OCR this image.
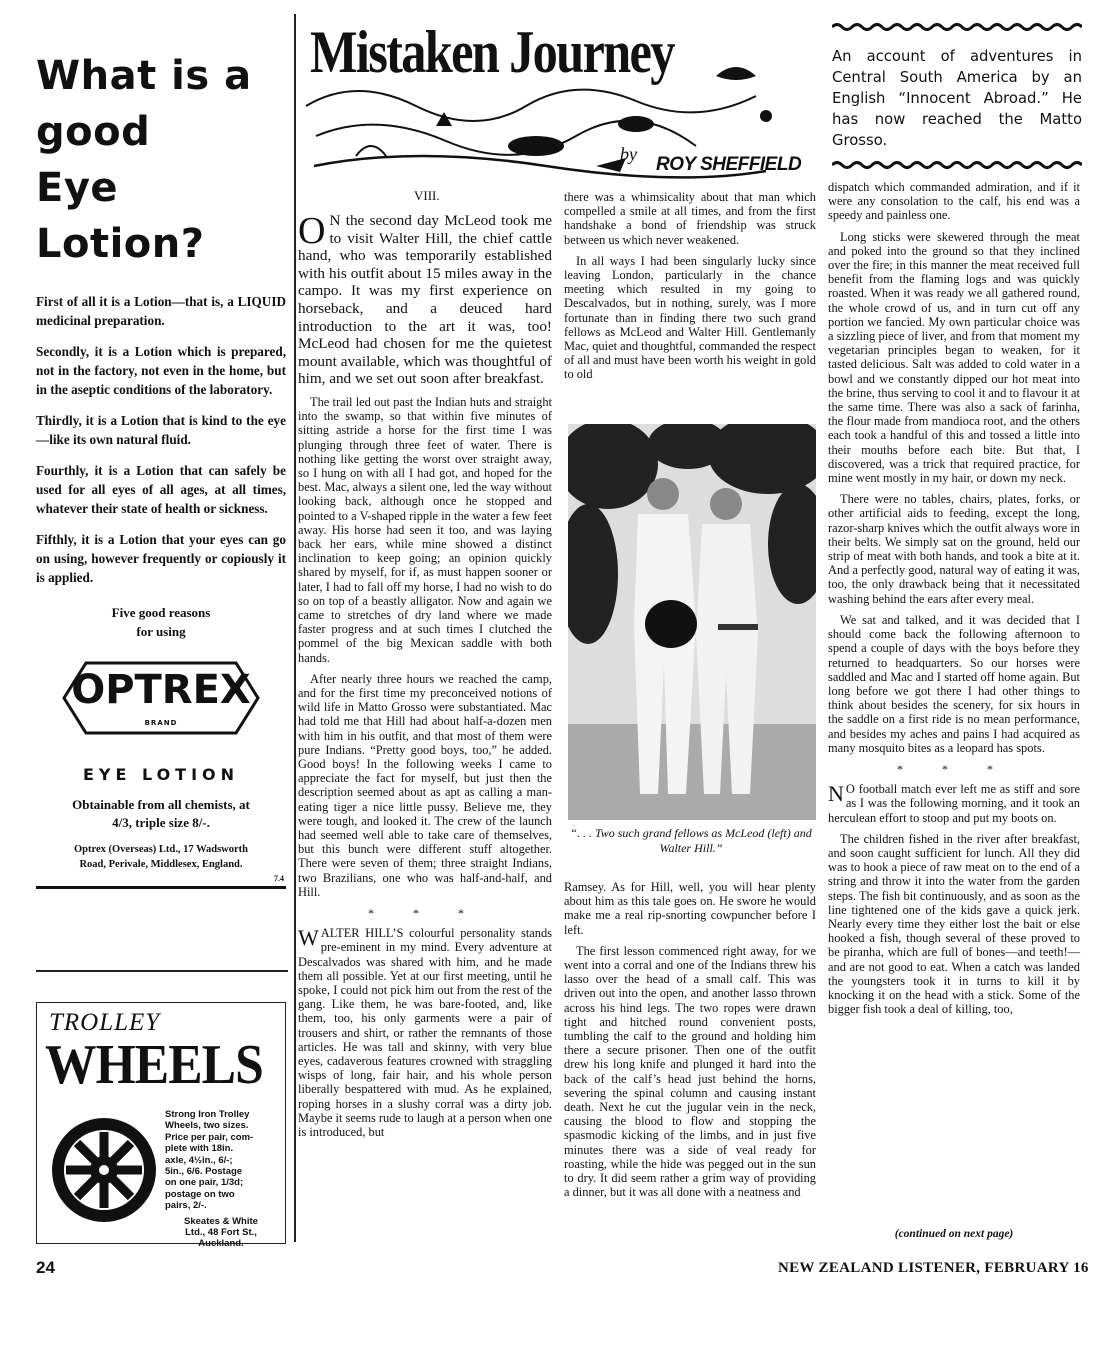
What is a
good
Eye Lotion?

First of all it is a Lotion—that is, a LIQUID medicinal preparation.

Secondly, it is a Lotion which is prepared, not in the factory, not even in the home, but in the aseptic conditions of the laboratory.

Thirdly, it is a Lotion that is kind to the eye—like its own natural fluid.

Fourthly, it is a Lotion that can safely be used for all eyes of all ages, at all times, whatever their state of health or sickness.

Fifthly, it is a Lotion that your eyes can go on using, however frequently or copiously it is applied.

Five good reasons
for using
OPTREX
BRAND
EYE LOTION
Obtainable from all chemists, at
4/3, triple size 8/-.
Optrex (Overseas) Ltd., 17 Wadsworth
Road, Perivale, Middlesex, England.
7.4
TROLLEY
WHEELS
Strong Iron Trolley
Wheels, two sizes.
Price per pair, com-
plete with 18in.
axle, 4½in., 6/-;
5in., 6/6. Postage
on one pair, 1/3d;
postage on two
pairs, 2/-.
Skeates & White
Ltd., 48 Fort St.,
Auckland.
Mistaken Journey
by ROY SHEFFIELD
An account of adventures in Central South America by an English “Innocent Abroad.” He has now reached the Matto Grosso.
VIII.

O N the second day McLeod took me to visit Walter Hill, the chief cattle hand, who was temporarily established with his outfit about 15 miles away in the campo. It was my first experience on horseback, and a deuced hard introduction to the art it was, too! McLeod had chosen for me the quietest mount available, which was thoughtful of him, and we set out soon after breakfast.

The trail led out past the Indian huts and straight into the swamp, so that within five minutes of sitting astride a horse for the first time I was plunging through three feet of water. There is nothing like getting the worst over straight away, so I hung on with all I had got, and hoped for the best. Mac, always a silent one, led the way without looking back, although once he stopped and pointed to a V-shaped ripple in the water a few feet away. His horse had seen it too, and was laying back her ears, while mine showed a distinct inclination to keep going; an opinion quickly shared by myself, for if, as must happen sooner or later, I had to fall off my horse, I had no wish to do so on top of a beastly alligator. Now and again we came to stretches of dry land where we made faster progress and at such times I clutched the pommel of the big Mexican saddle with both hands.

After nearly three hours we reached the camp, and for the first time my preconceived notions of wild life in Matto Grosso were substantiated. Mac had told me that Hill had about half-a-dozen men with him in his outfit, and that most of them were pure Indians. “Pretty good boys, too,” he added. Good boys! In the following weeks I came to appreciate the fact for myself, but just then the description seemed about as apt as calling a man-eating tiger a nice little pussy. Believe me, they were tough, and looked it. The crew of the launch had seemed well able to take care of themselves, but this bunch were different stuff altogether. There were seven of them; three straight Indians, two Brazilians, one who was half-and-half, and Hill.

* * *

WALTER HILL’S colourful personality stands pre-eminent in my mind. Every adventure at Descalvados was shared with him, and he made them all possible. Yet at our first meeting, until he spoke, I could not pick him out from the rest of the gang. Like them, he was bare-footed, and, like them, too, his only garments were a pair of trousers and shirt, or rather the remnants of those articles. He was tall and skinny, with very blue eyes, cadaverous features crowned with straggling wisps of long, fair hair, and his whole person liberally bespattered with mud. As he explained, roping horses in a slushy corral was a dirty job. Maybe it seems rude to laugh at a person when one is introduced, but

there was a whimsicality about that man which compelled a smile at all times, and from the first handshake a bond of friendship was struck between us which never weakened.

In all ways I had been singularly lucky since leaving London, particularly in the chance meeting which resulted in my going to Descalvados, but in nothing, surely, was I more fortunate than in finding there two such grand fellows as McLeod and Walter Hill. Gentlemanly Mac, quiet and thoughtful, commanded the respect of all and must have been worth his weight in gold to old

“. . . Two such grand fellows as McLeod (left) and Walter Hill.”

Ramsey. As for Hill, well, you will hear plenty about him as this tale goes on. He swore he would make me a real rip-snorting cowpuncher before I left.

The first lesson commenced right away, for we went into a corral and one of the Indians threw his lasso over the head of a small calf. This was driven out into the open, and another lasso thrown across his hind legs. The two ropes were drawn tight and hitched round convenient posts, tumbling the calf to the ground and holding him there a secure prisoner. Then one of the outfit drew his long knife and plunged it hard into the back of the calf’s head just behind the horns, severing the spinal column and causing instant death. Next he cut the jugular vein in the neck, causing the blood to flow and stopping the spasmodic kicking of the limbs, and in just five minutes there was a side of veal ready for roasting, while the hide was pegged out in the sun to dry. It did seem rather a grim way of providing a dinner, but it was all done with a neatness and

dispatch which commanded admiration, and if it were any consolation to the calf, his end was a speedy and painless one.

Long sticks were skewered through the meat and poked into the ground so that they inclined over the fire; in this manner the meat received full benefit from the flaming logs and was quickly roasted. When it was ready we all gathered round, the whole crowd of us, and in turn cut off any portion we fancied. My own particular choice was a sizzling piece of liver, and from that moment my vegetarian principles began to weaken, for it tasted delicious. Salt was added to cold water in a bowl and we constantly dipped our hot meat into the brine, thus serving to cool it and to flavour it at the same time. There was also a sack of farinha, the flour made from mandioca root, and the others each took a handful of this and tossed a little into their mouths before each bite. But that, I discovered, was a trick that required practice, for mine went mostly in my hair, or down my neck.

There were no tables, chairs, plates, forks, or other artificial aids to feeding, except the long, razor-sharp knives which the outfit always wore in their belts. We simply sat on the ground, held our strip of meat with both hands, and took a bite at it. And a perfectly good, natural way of eating it was, too, the only drawback being that it necessitated washing behind the ears after every meal.

We sat and talked, and it was decided that I should come back the following afternoon to spend a couple of days with the boys before they returned to headquarters. So our horses were saddled and Mac and I started off home again. But long before we got there I had other things to think about besides the scenery, for six hours in the saddle on a first ride is no mean performance, and besides my aches and pains I had acquired as many mosquito bites as a leopard has spots.

* * *

N O football match ever left me as stiff and sore as I was the following morning, and it took an herculean effort to stoop and put my boots on.

The children fished in the river after breakfast, and soon caught sufficient for lunch. All they did was to hook a piece of raw meat on to the end of a string and throw it into the water from the garden steps. The fish bit continuously, and as soon as the line tightened one of the kids gave a quick jerk. Nearly every time they either lost the bait or else hooked a fish, though several of these proved to be piranha, which are full of bones—and teeth!—and are not good to eat. When a catch was landed the youngsters took it in turns to kill it by knocking it on the head with a stick. Some of the bigger fish took a deal of killing, too,

(continued on next page)
24	NEW ZEALAND LISTENER, FEBRUARY 16
